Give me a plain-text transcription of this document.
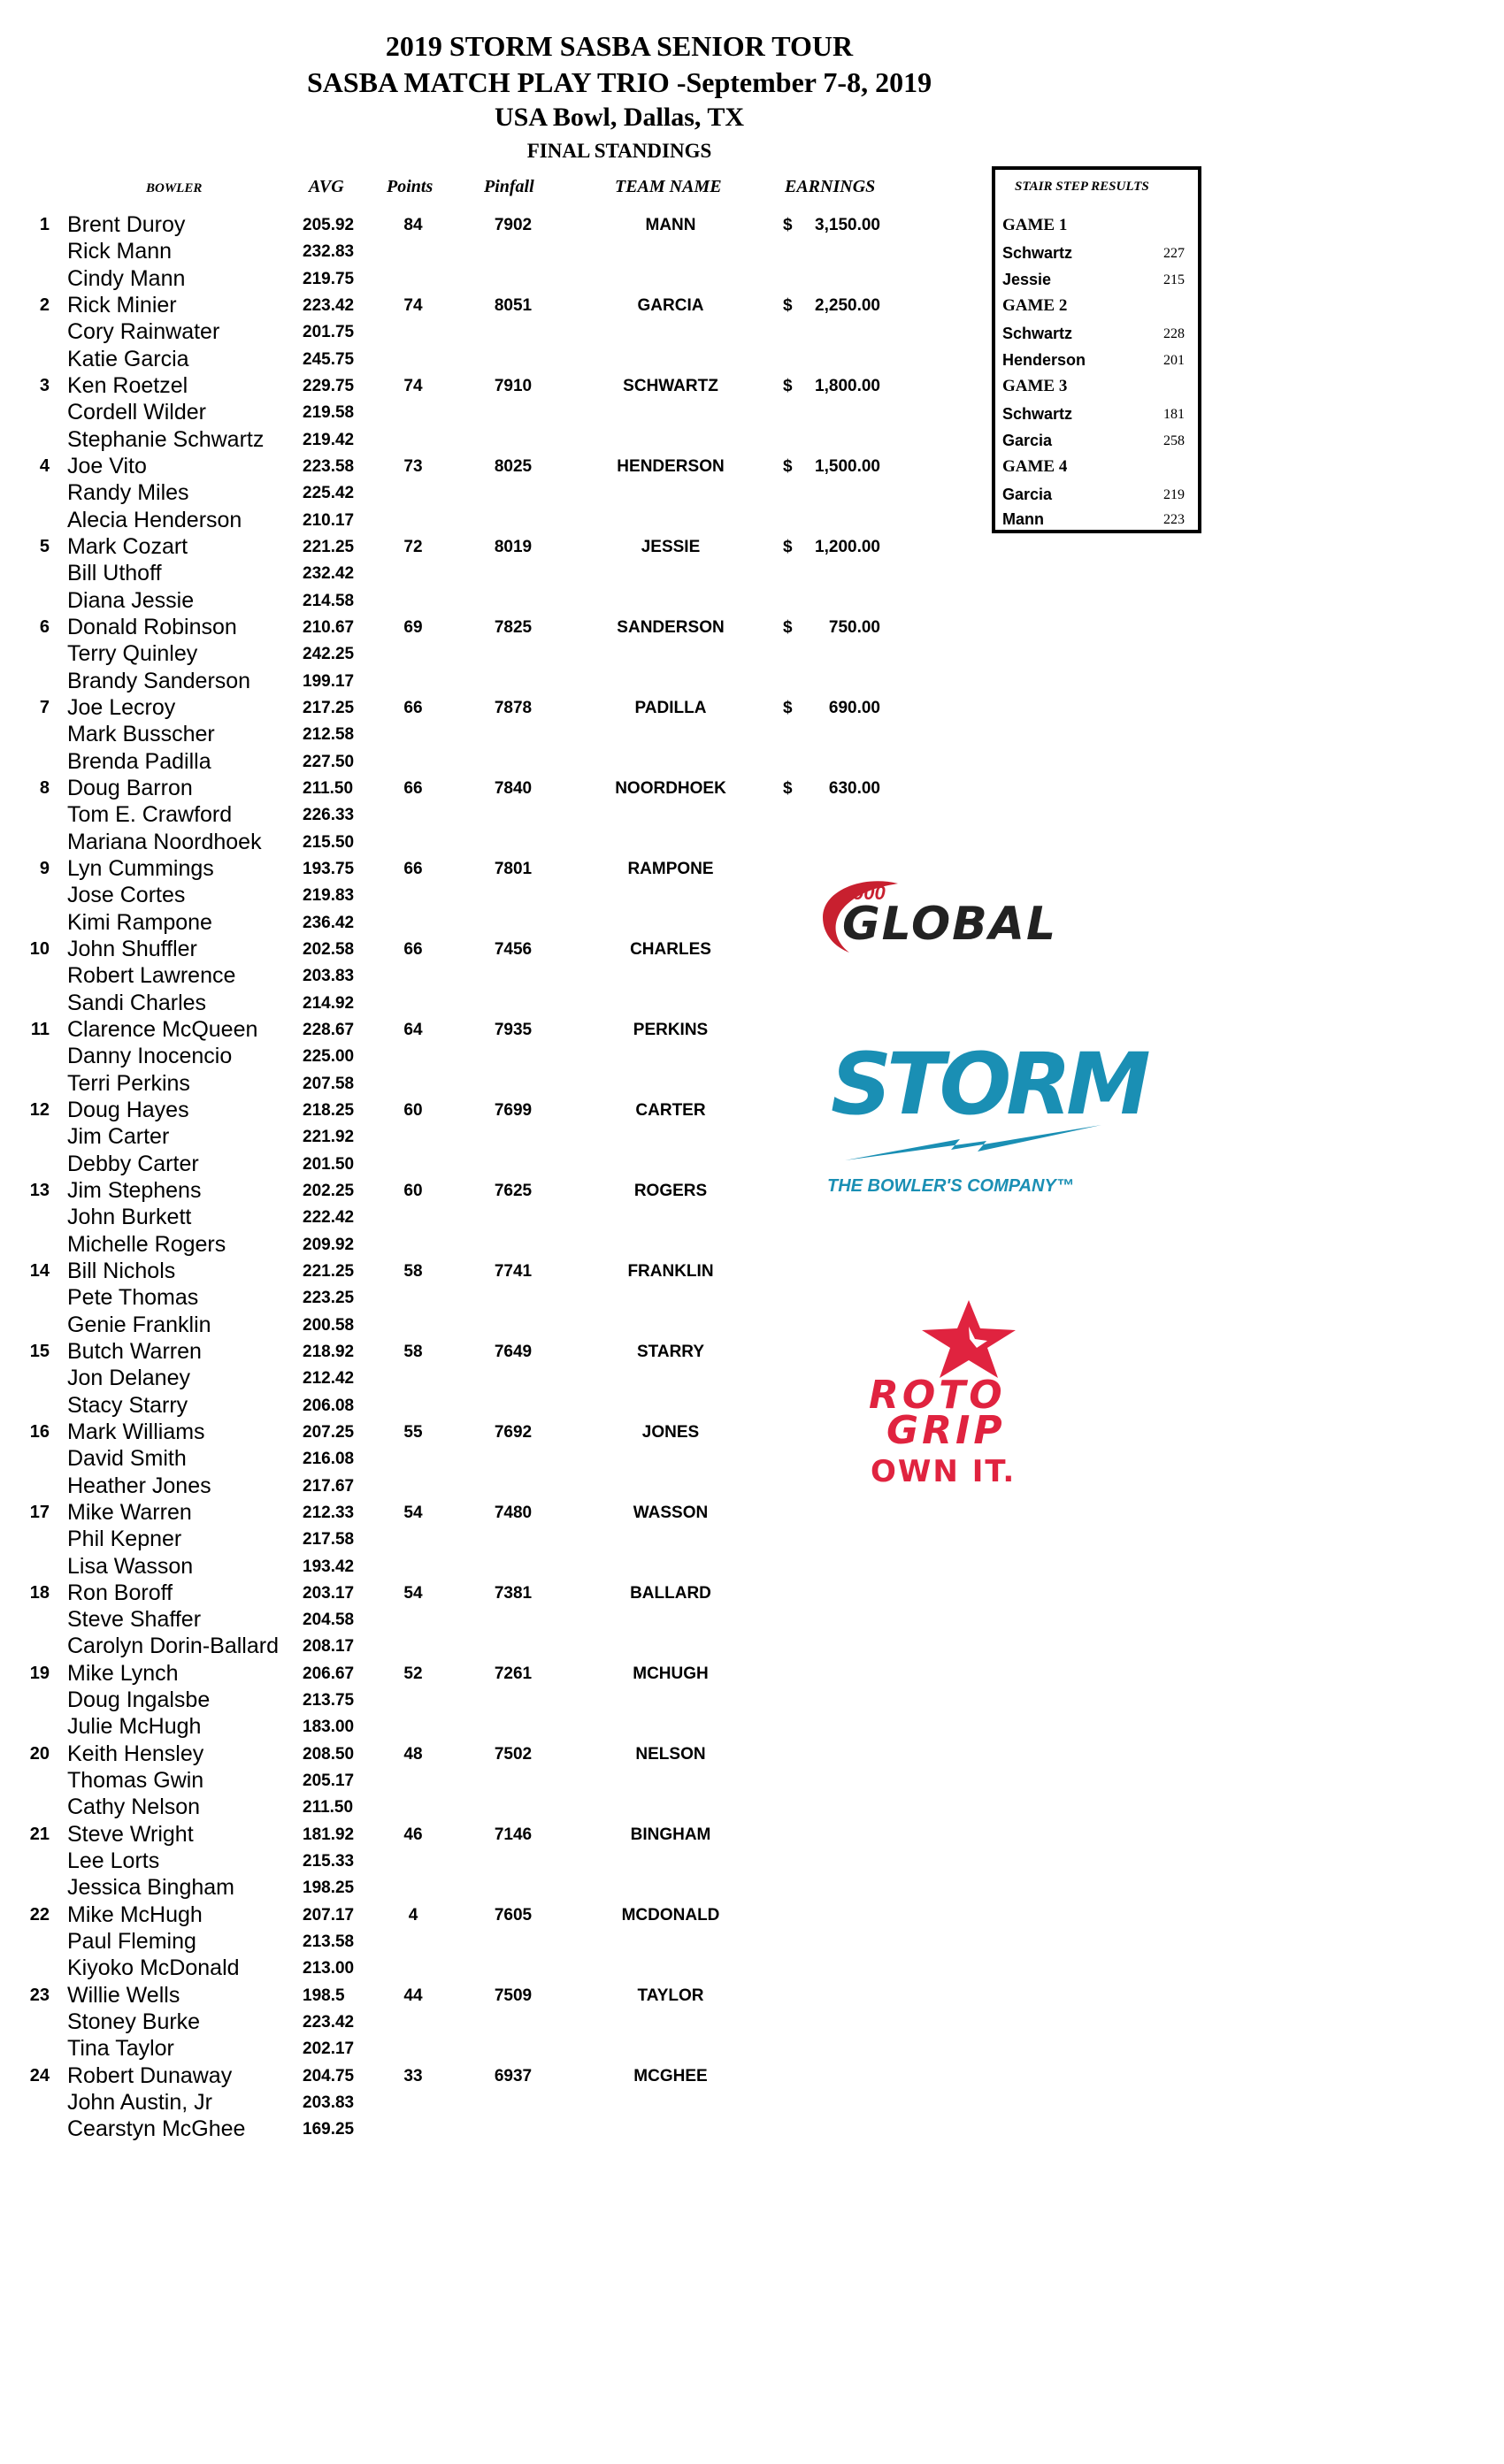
2019 STORM SASBA SENIOR TOUR
SASBA MATCH PLAY TRIO -September 7-8, 2019
USA Bowl, Dallas, TX
FINAL STANDINGS
BOWLER	AVG Points	Pinfall	TEAM NAME	EARNINGS
1 Brent Duroy	205.92	84	7902	MANN	$	3,150.00
Rick Mann	232.83
Cindy Mann	219.75
2 Rick Minier	223.42	74	8051	GARCIA	$	2,250.00
Cory Rainwater	201.75
Katie Garcia	245.75
3 Ken Roetzel	229.75	74	7910	SCHWARTZ	$	1,800.00
Cordell Wilder	219.58
Stephanie Schwartz 219.42
4 Joe Vito	223.58	73	8025	HENDERSON	$	1,500.00
Randy Miles	225.42
Alecia Henderson	210.17
5 Mark Cozart	221.25	72	8019	JESSIE	$	1,200.00
Bill Uthoff	232.42
Diana Jessie	214.58
6 Donald Robinson	210.67	69	7825	SANDERSON	$	750.00
Terry Quinley	242.25
Brandy Sanderson	199.17
7 Joe Lecroy	217.25	66	7878	PADILLA	$	690.00
Mark Busscher	212.58
Brenda Padilla	227.50
8 Doug Barron	211.50	66	7840	NOORDHOEK	$	630.00
Tom E. Crawford	226.33
Mariana Noordhoek 215.50
9 Lyn Cummings	193.75	66	7801	RAMPONE
Jose Cortes	219.83
Kimi Rampone	236.42
10 John Shuffler	202.58	66	7456	CHARLES
Robert Lawrence	203.83
Sandi Charles	214.92
11 Clarence McQueen	228.67	64	7935	PERKINS
Danny Inocencio	225.00
Terri Perkins	207.58
12 Doug Hayes	218.25	60	7699	CARTER
Jim Carter	221.92
Debby Carter	201.50
13 Jim Stephens	202.25	60	7625	ROGERS
John Burkett	222.42
Michelle Rogers	209.92
14 Bill Nichols	221.25	58	7741	FRANKLIN
Pete Thomas	223.25
Genie Franklin	200.58
15 Butch Warren	218.92	58	7649	STARRY
Jon Delaney	212.42
Stacy Starry	206.08
16 Mark Williams	207.25	55	7692	JONES
David Smith	216.08
Heather Jones	217.67
17 Mike Warren	212.33	54	7480	WASSON
Phil Kepner	217.58
Lisa Wasson	193.42
18 Ron Boroff	203.17	54	7381	BALLARD
Steve Shaffer	204.58
Carolyn Dorin-Ballard 208.17
19 Mike Lynch	206.67	52	7261	MCHUGH
Doug Ingalsbe	213.75
Julie McHugh	183.00
20 Keith Hensley	208.50	48	7502	NELSON
Thomas Gwin	205.17
Cathy Nelson	211.50
21 Steve Wright	181.92	46	7146	BINGHAM
Lee Lorts	215.33
Jessica Bingham	198.25
22 Mike McHugh	207.17	4	7605	MCDONALD
Paul Fleming	213.58
Kiyoko McDonald	213.00
23 Willie Wells	198.5	44	7509	TAYLOR
Stoney Burke	223.42
Tina Taylor	202.17
24 Robert Dunaway	204.75	33	6937	MCGHEE
John Austin, Jr	203.83
Cearstyn McGhee	169.25
STAIR STEP RESULTS
GAME 1
Schwartz	227
Jessie	215
GAME 2
Schwartz	228
Henderson	201
GAME 3
Schwartz	181
Garcia	258
GAME 4
Garcia	219
Mann	223
900
GLOBAL
STORM
THE BOWLER'S COMPANY™
ROTO
GRIP
OWN IT.
